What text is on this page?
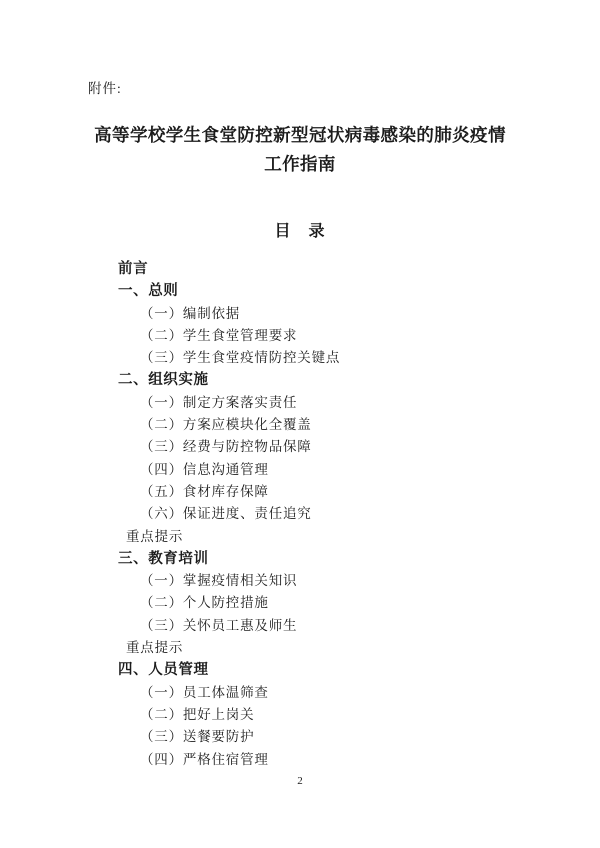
附件:
高等学校学生食堂防控新型冠状病毒感染的肺炎疫情
工作指南
目　录
前言
一、总则
（一）编制依据
（二）学生食堂管理要求
（三）学生食堂疫情防控关键点
二、组织实施
（一）制定方案落实责任
（二）方案应模块化全覆盖
（三）经费与防控物品保障
（四）信息沟通管理
（五）食材库存保障
（六）保证进度、责任追究
重点提示
三、教育培训
（一）掌握疫情相关知识
（二）个人防控措施
（三）关怀员工惠及师生
重点提示
四、人员管理
（一）员工体温筛查
（二）把好上岗关
（三）送餐要防护
（四）严格住宿管理
2
